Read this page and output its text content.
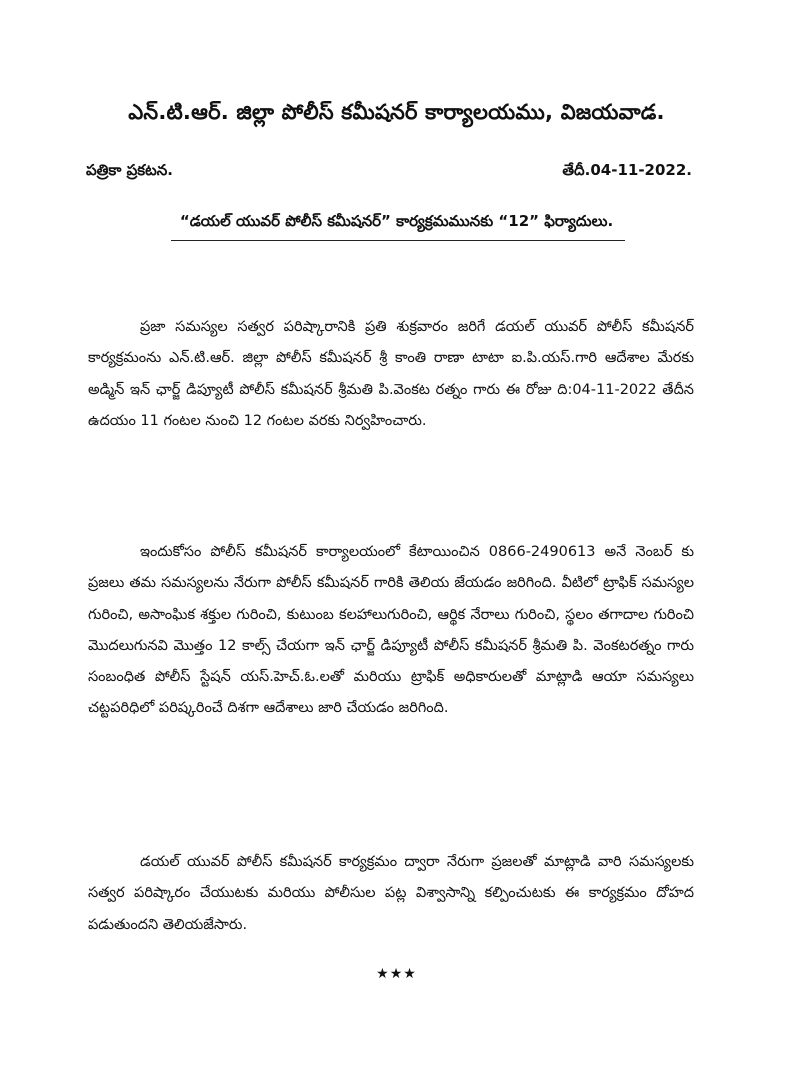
ఎన్.టి.ఆర్. జిల్లా పోలీస్ కమీషనర్ కార్యాలయము, విజయవాడ.
పత్రికా ప్రకటన.	తేదీ.04-11-2022.
“డయల్ యువర్ పోలీస్ కమీషనర్” కార్యక్రమమునకు “12” ఫిర్యాదులు.

ప్రజా సమస్యల సత్వర పరిష్కారానికి ప్రతి శుక్రవారం జరిగే డయల్ యువర్ పోలీస్ కమీషనర్ కార్యక్రమంను ఎన్.టి.ఆర్. జిల్లా పోలీస్ కమీషనర్ శ్రీ కాంతి రాణా టాటా ఐ.పి.యస్.గారి ఆదేశాల మేరకు అడ్మిన్ ఇన్ ఛార్జ్ డిప్యూటీ పోలీస్ కమీషనర్ శ్రీమతి పి.వెంకట రత్నం గారు ఈ రోజు ది:04-11-2022 తేదీన ఉదయం 11 గంటల నుంచి 12 గంటల వరకు నిర్వహించారు.

ఇందుకోసం పోలీస్ కమీషనర్ కార్యాలయంలో కేటాయించిన 0866-2490613 అనే నెంబర్ కు ప్రజలు తమ సమస్యలను నేరుగా పోలీస్ కమీషనర్ గారికి తెలియ జేయడం జరిగింది. వీటిలో ట్రాఫిక్ సమస్యల గురించి, అసాంఘిక శక్తుల గురించి, కుటుంబ కలహాలుగురించి, ఆర్థిక నేరాలు గురించి, స్థలం తగాదాల గురించి మొదలుగునవి మొత్తం 12 కాల్స్ చేయగా ఇన్ ఛార్జ్ డిప్యూటీ పోలీస్ కమీషనర్ శ్రీమతి పి. వెంకటరత్నం గారు సంబంధిత పోలీస్ స్టేషన్ యస్.హెచ్.ఓ.లతో మరియు ట్రాఫిక్ అధికారులతో మాట్లాడి ఆయా సమస్యలు చట్టపరిధిలో పరిష్కరించే దిశగా ఆదేశాలు జారి చేయడం జరిగింది.

డయల్ యువర్ పోలీస్ కమీషనర్ కార్యక్రమం ద్వారా నేరుగా ప్రజలతో మాట్లాడి వారి సమస్యలకు సత్వర పరిష్కారం చేయుటకు మరియు పోలీసుల పట్ల విశ్వాసాన్ని కల్పించుటకు ఈ కార్యక్రమం దోహద పడుతుందని తెలియజేసారు.

★★★
